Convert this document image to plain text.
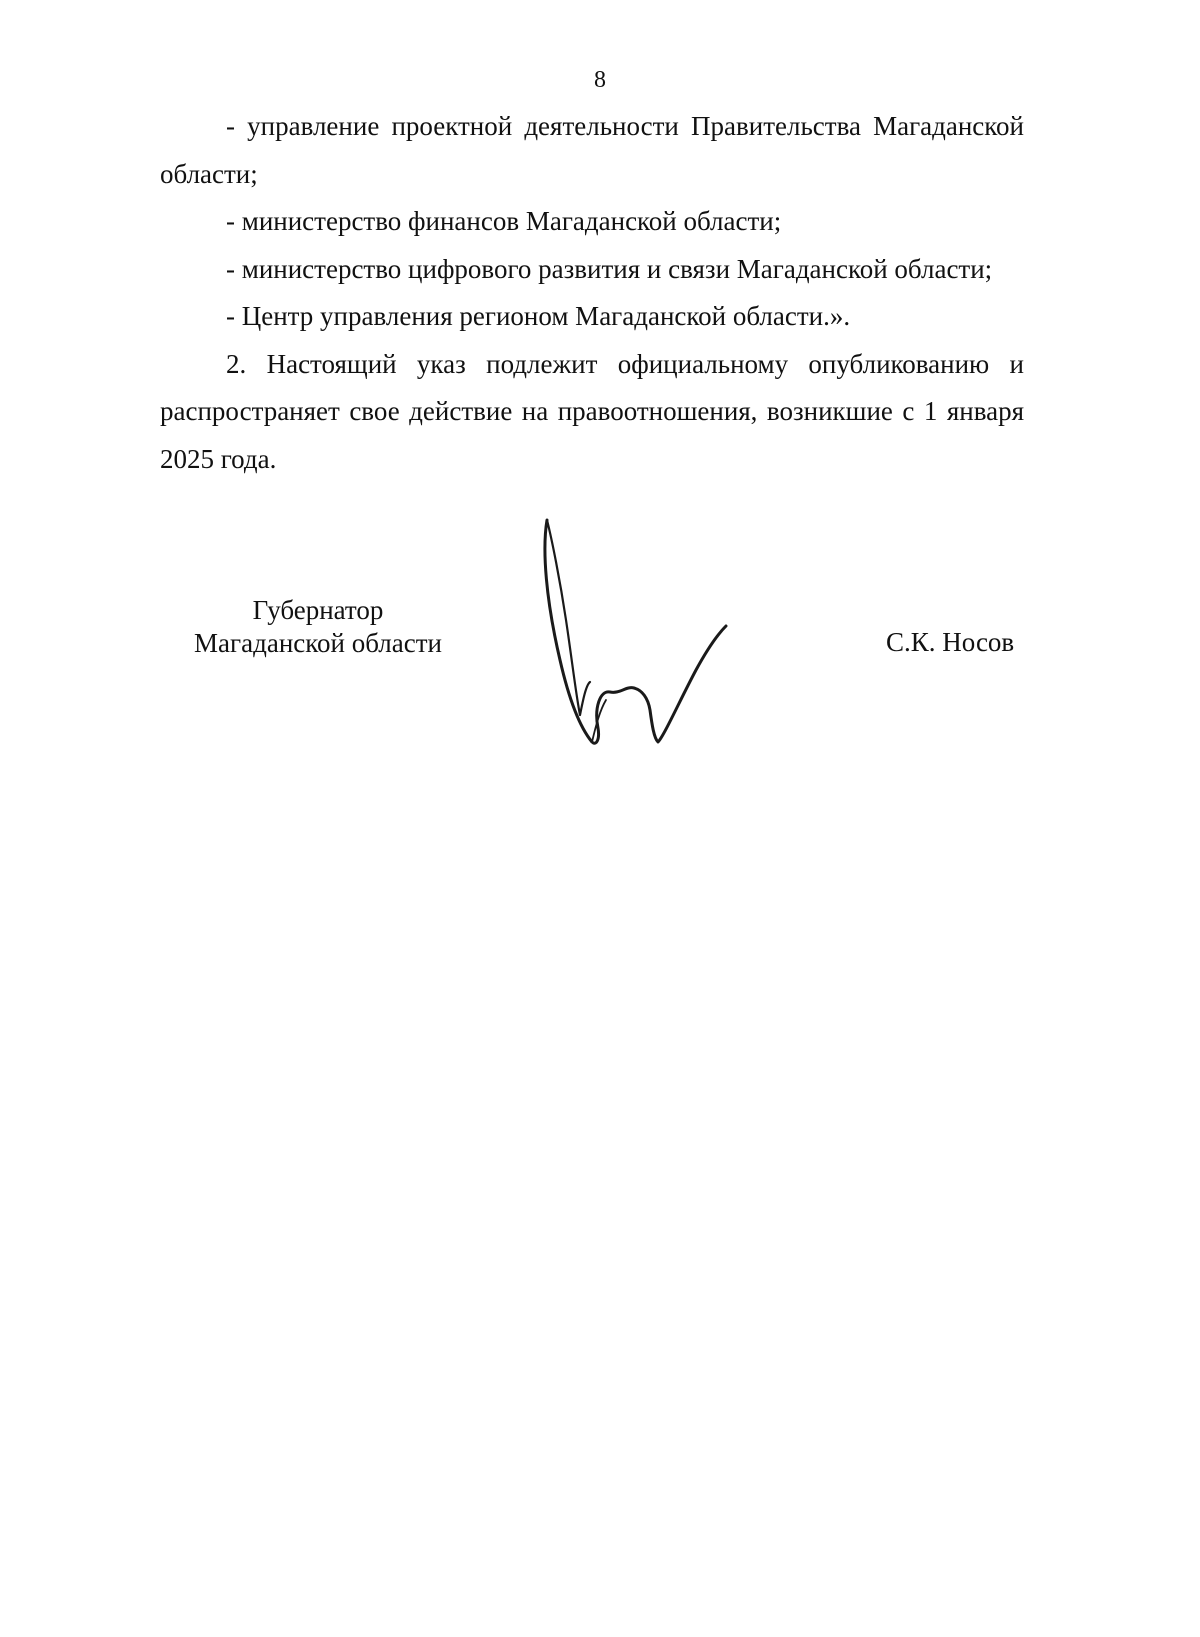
8

- управление проектной деятельности Правительства Магаданской области;

- министерство финансов Магаданской области;

- министерство цифрового развития и связи Магаданской области;

- Центр управления регионом Магаданской области.».

2. Настоящий указ подлежит официальному опубликованию и распространяет свое действие на правоотношения, возникшие с 1 января 2025 года.

Губернатор
Магаданской области	С.К. Носов
